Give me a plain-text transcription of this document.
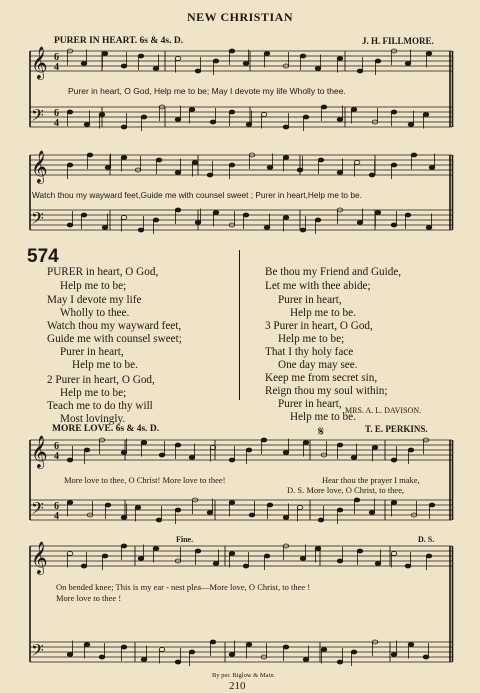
NEW CHRISTIAN
PURER IN HEART. 6s & 4s. D.	J. H. FILLMORE.
𝄞
𝄢
𝄞
𝄢
𝄞
𝄢
𝄞
𝄢
6
4
6
4
6
4
6
4
𝄋
Purer in heart, O God, Help me to be; May I devote my life Wholly to thee.
Watch thou my wayward feet,Guide me with counsel sweet ; Purer in heart,Help me to be.
574
PURER in heart, O God,
Help me to be;
May I devote my life
Wholly to thee.
Watch thou my wayward feet,
Guide me with counsel sweet;
Purer in heart,
Help me to be.
2 Purer in heart, O God,
Help me to be;
Teach me to do thy will
Most lovingly.
Be thou my Friend and Guide,
Let me with thee abide;
Purer in heart,
Help me to be.
3 Purer in heart, O God,
Help me to be;
That I thy holy face
One day may see.
Keep me from secret sin,
Reign thou my soul within;
Purer in heart,
Help me to be.
MRS. A. L. DAVISON.
MORE LOVE. 6s & 4s. D.	T. E. PERKINS.
More love to thee, O Christ! More love to thee!	Hear thou the prayer I make,
D. S. More love, O Christ, to thee,
Fine.	D. S.
On bended knee; This is my ear - nest plea—More love, O Christ, to thee !
More love to thee !
By per. Biglow & Main.
210
